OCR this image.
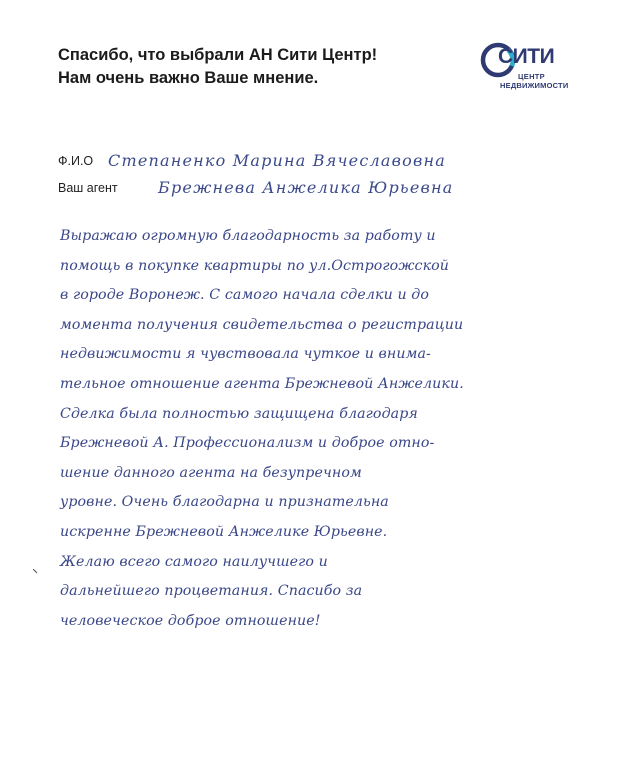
Спасибо, что выбрали АН Сити Центр!
Нам очень важно Ваше мнение.
СИТИ
ЦЕНТР
НЕДВИЖИМОСТИ
Ф.И.О Степаненко Марина Вячеславовна
Ваш агент	Брежнева Анжелика Юрьевна
Выражаю огромную благодарность за работу и
помощь в покупке квартиры по ул.Острогожской
в городе Воронеж. С самого начала сделки и до
момента получения свидетельства о регистрации
недвижимости я чувствовала чуткое и внима-
тельное отношение агента Брежневой Анжелики.
Сделка была полностью защищена благодаря
Брежневой А. Профессионализм и доброе отно-
шение данного агента на безупречном
уровне. Очень благодарна и признательна
искренне Брежневой Анжелике Юрьевне.
Желаю всего самого наилучшего и
дальнейшего процветания. Спасибо за
человеческое доброе отношение!
